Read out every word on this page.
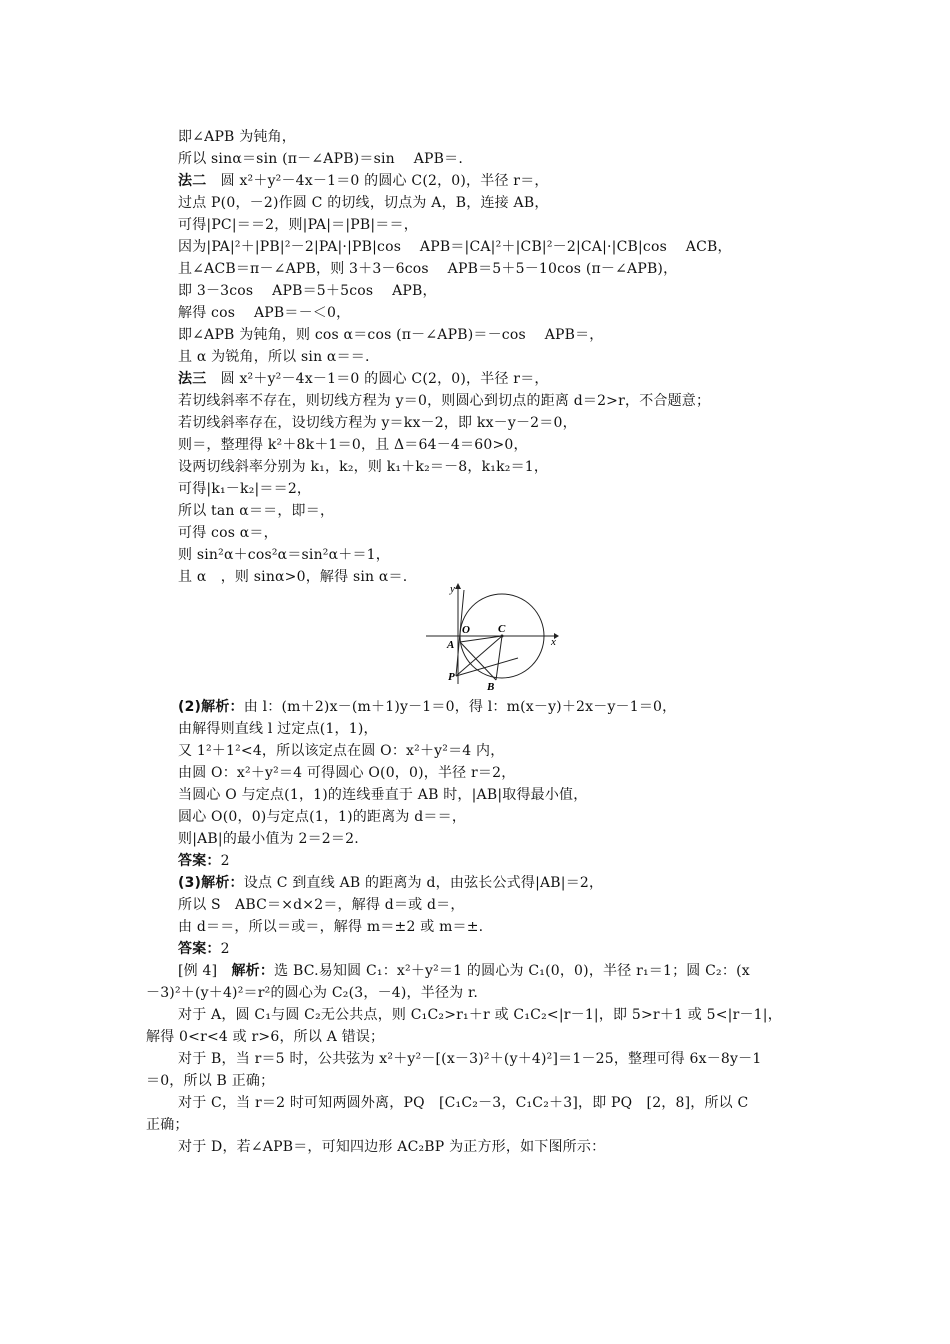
即∠APB 为钝角，
所以 sinα＝sin (π－∠APB)＝sin　 APB＝.
法二　圆 x²＋y²－4x－1＝0 的圆心 C(2，0)，半径 r＝，
过点 P(0，－2)作圆 C 的切线，切点为 A，B，连接 AB，
可得|PC|＝＝2，则|PA|＝|PB|＝＝，
因为|PA|²＋|PB|²－2|PA|·|PB|cos　 APB＝|CA|²＋|CB|²－2|CA|·|CB|cos　 ACB，
且∠ACB＝π－∠APB，则 3＋3－6cos　 APB＝5＋5－10cos (π－∠APB)，
即 3－3cos　 APB＝5＋5cos　 APB，
解得 cos　 APB＝－＜0，
即∠APB 为钝角，则 cos α＝cos (π－∠APB)＝－cos　 APB＝，
且 α 为锐角，所以 sin α＝＝.
法三　圆 x²＋y²－4x－1＝0 的圆心 C(2，0)，半径 r＝，
若切线斜率不存在，则切线方程为 y＝0，则圆心到切点的距离 d＝2>r，不合题意；
若切线斜率存在，设切线方程为 y＝kx－2，即 kx－y－2＝0，
则＝，整理得 k²＋8k＋1＝0，且 Δ＝64－4＝60>0，
设两切线斜率分别为 k₁，k₂，则 k₁＋k₂＝－8，k₁k₂＝1，
可得|k₁－k₂|＝＝2，
所以 tan α＝＝，即＝，
可得 cos α＝，
则 sin²α＋cos²α＝sin²α＋＝1，
且 α　，则 sinα>0，解得 sin α＝.
y
x
O	C
A
P
B
(2)解析：由 l：(m＋2)x－(m＋1)y－1＝0，得 l：m(x－y)＋2x－y－1＝0，
由解得则直线 l 过定点(1，1)，
又 1²＋1²<4，所以该定点在圆 O：x²＋y²＝4 内，
由圆 O：x²＋y²＝4 可得圆心 O(0，0)，半径 r＝2，
当圆心 O 与定点(1，1)的连线垂直于 AB 时，|AB|取得最小值，
圆心 O(0，0)与定点(1，1)的距离为 d＝＝，
则|AB|的最小值为 2＝2＝2.
答案：2
(3)解析：设点 C 到直线 AB 的距离为 d，由弦长公式得|AB|＝2，
所以 S　ABC＝×d×2＝，解得 d＝或 d＝，
由 d＝＝，所以＝或＝，解得 m＝±2 或 m＝±.
答案：2
[例 4]　解析：选 BC.易知圆 C₁：x²＋y²＝1 的圆心为 C₁(0，0)，半径 r₁＝1；圆 C₂：(x
－3)²＋(y＋4)²＝r²的圆心为 C₂(3，－4)，半径为 r.
对于 A，圆 C₁与圆 C₂无公共点，则 C₁C₂>r₁＋r 或 C₁C₂<|r－1|，即 5>r＋1 或 5<|r－1|，
解得 0<r<4 或 r>6，所以 A 错误；
对于 B，当 r＝5 时，公共弦为 x²＋y²－[(x－3)²＋(y＋4)²]＝1－25，整理可得 6x－8y－1
＝0，所以 B 正确；
对于 C，当 r＝2 时可知两圆外离，PQ　[C₁C₂－3，C₁C₂＋3]，即 PQ　[2，8]，所以 C
正确；
对于 D，若∠APB＝，可知四边形 AC₂BP 为正方形，如下图所示：
